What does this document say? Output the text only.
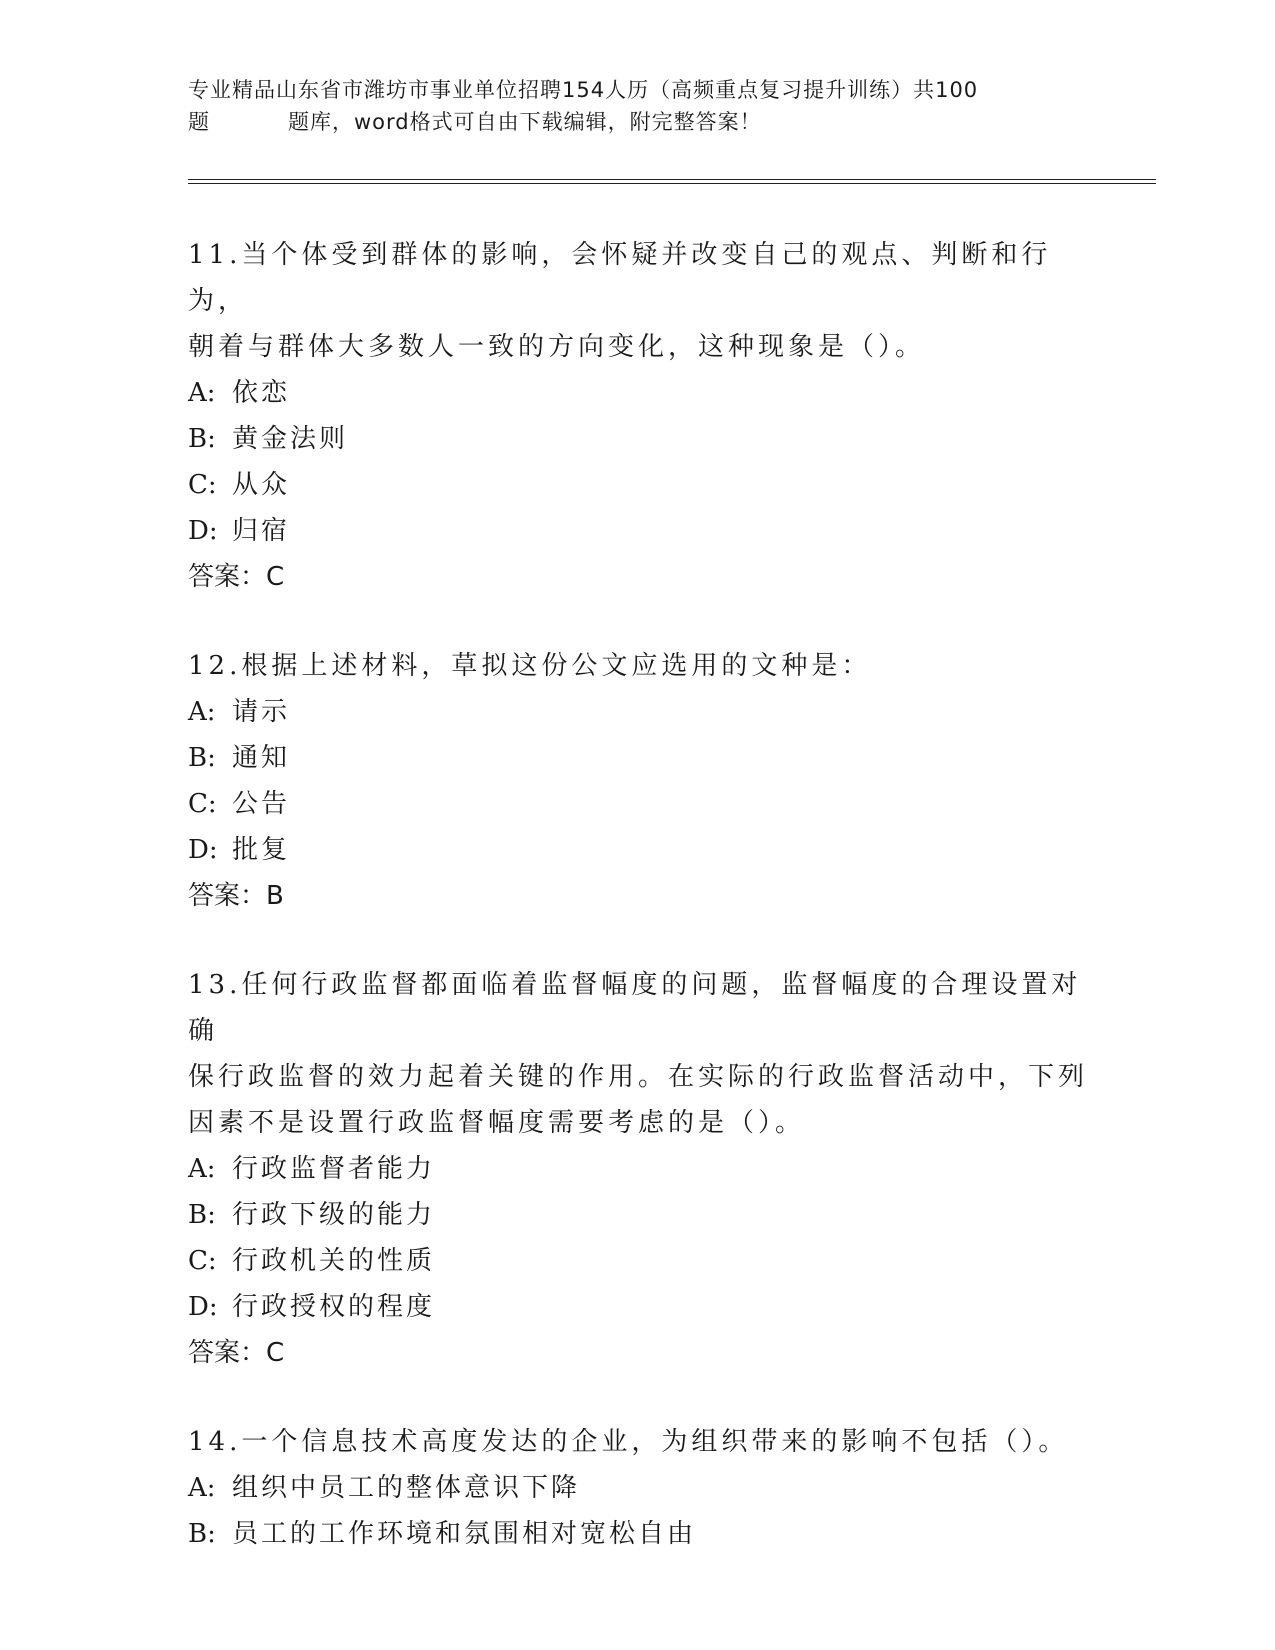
专业精品山东省市潍坊市事业单位招聘154人历（高频重点复习提升训练）共100
题	题库，word格式可自由下载编辑，附完整答案！
11.当个体受到群体的影响，会怀疑并改变自己的观点、判断和行为，
朝着与群体大多数人一致的方向变化，这种现象是（）。
A: 依恋
B: 黄金法则
C: 从众
D: 归宿
答案：C
12.根据上述材料，草拟这份公文应选用的文种是：
A: 请示
B: 通知
C: 公告
D: 批复
答案：B
13.任何行政监督都面临着监督幅度的问题，监督幅度的合理设置对确
保行政监督的效力起着关键的作用。在实际的行政监督活动中，下列
因素不是设置行政监督幅度需要考虑的是（）。
A: 行政监督者能力
B: 行政下级的能力
C: 行政机关的性质
D: 行政授权的程度
答案：C
14.一个信息技术高度发达的企业，为组织带来的影响不包括（）。
A: 组织中员工的整体意识下降
B: 员工的工作环境和氛围相对宽松自由
